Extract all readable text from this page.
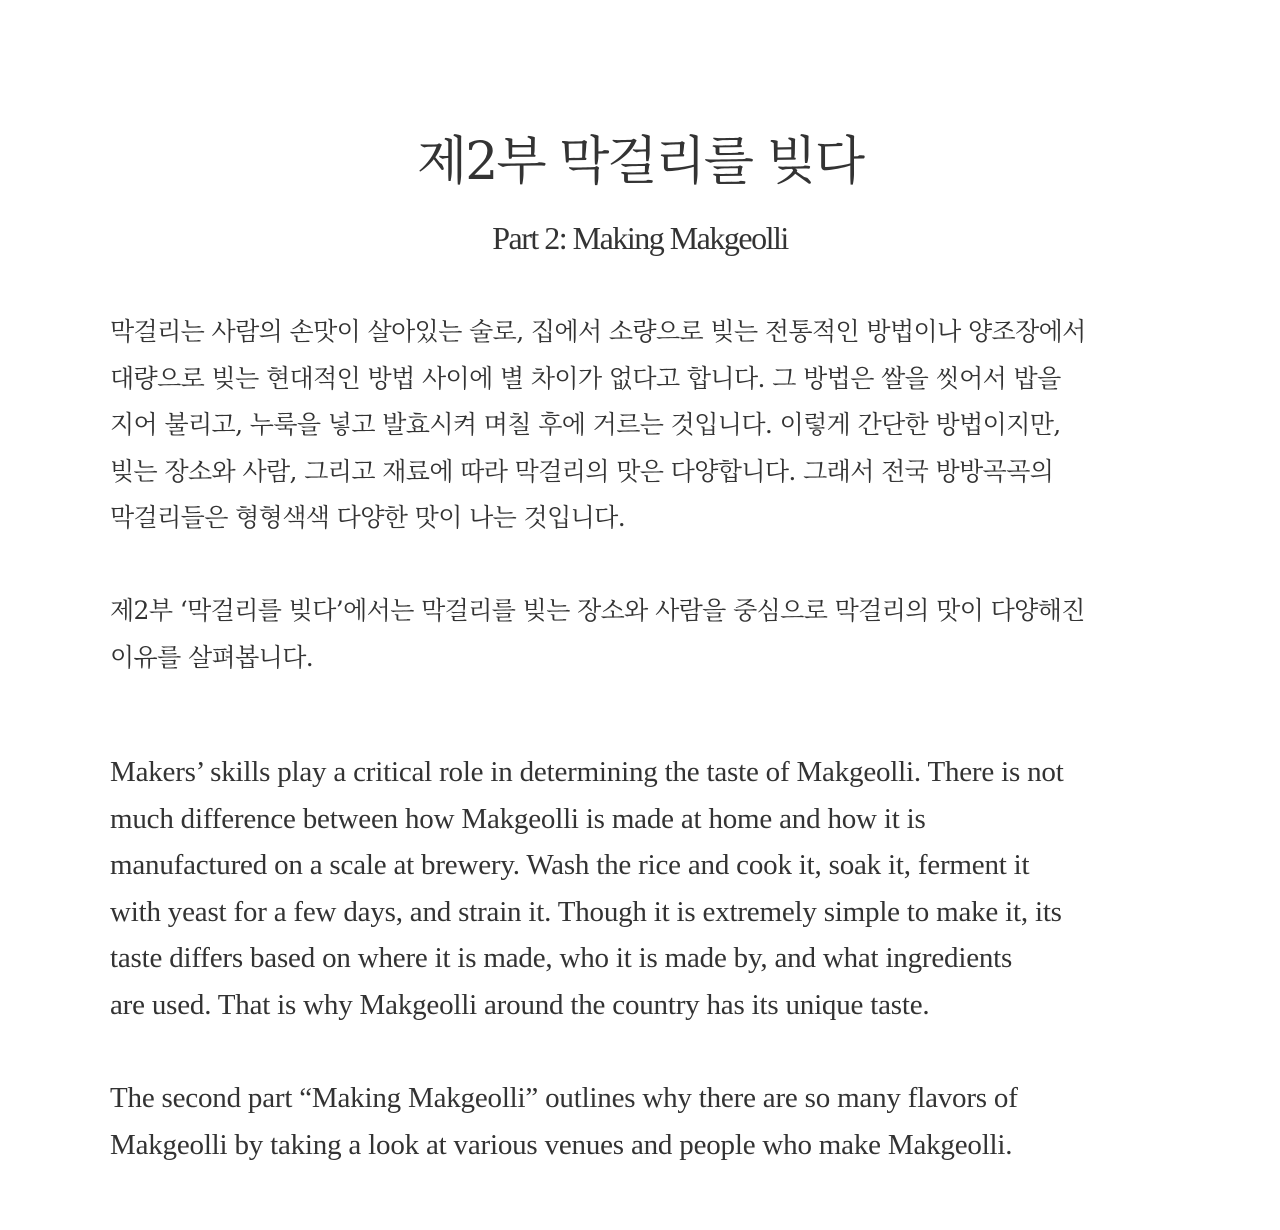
제2부 막걸리를 빚다
Part 2: Making Makgeolli

막걸리는 사람의 손맛이 살아있는 술로, 집에서 소량으로 빚는 전통적인 방법이나 양조장에서
대량으로 빚는 현대적인 방법 사이에 별 차이가 없다고 합니다. 그 방법은 쌀을 씻어서 밥을
지어 불리고, 누룩을 넣고 발효시켜 며칠 후에 거르는 것입니다. 이렇게 간단한 방법이지만,
빚는 장소와 사람, 그리고 재료에 따라 막걸리의 맛은 다양합니다. 그래서 전국 방방곡곡의
막걸리들은 형형색색 다양한 맛이 나는 것입니다.

제2부 ‘막걸리를 빚다’에서는 막걸리를 빚는 장소와 사람을 중심으로 막걸리의 맛이 다양해진
이유를 살펴봅니다.

Makers’ skills play a critical role in determining the taste of Makgeolli. There is not
much difference between how Makgeolli is made at home and how it is
manufactured on a scale at brewery. Wash the rice and cook it, soak it, ferment it
with yeast for a few days, and strain it. Though it is extremely simple to make it, its
taste differs based on where it is made, who it is made by, and what ingredients
are used. That is why Makgeolli around the country has its unique taste.

The second part “Making Makgeolli” outlines why there are so many flavors of
Makgeolli by taking a look at various venues and people who make Makgeolli.
